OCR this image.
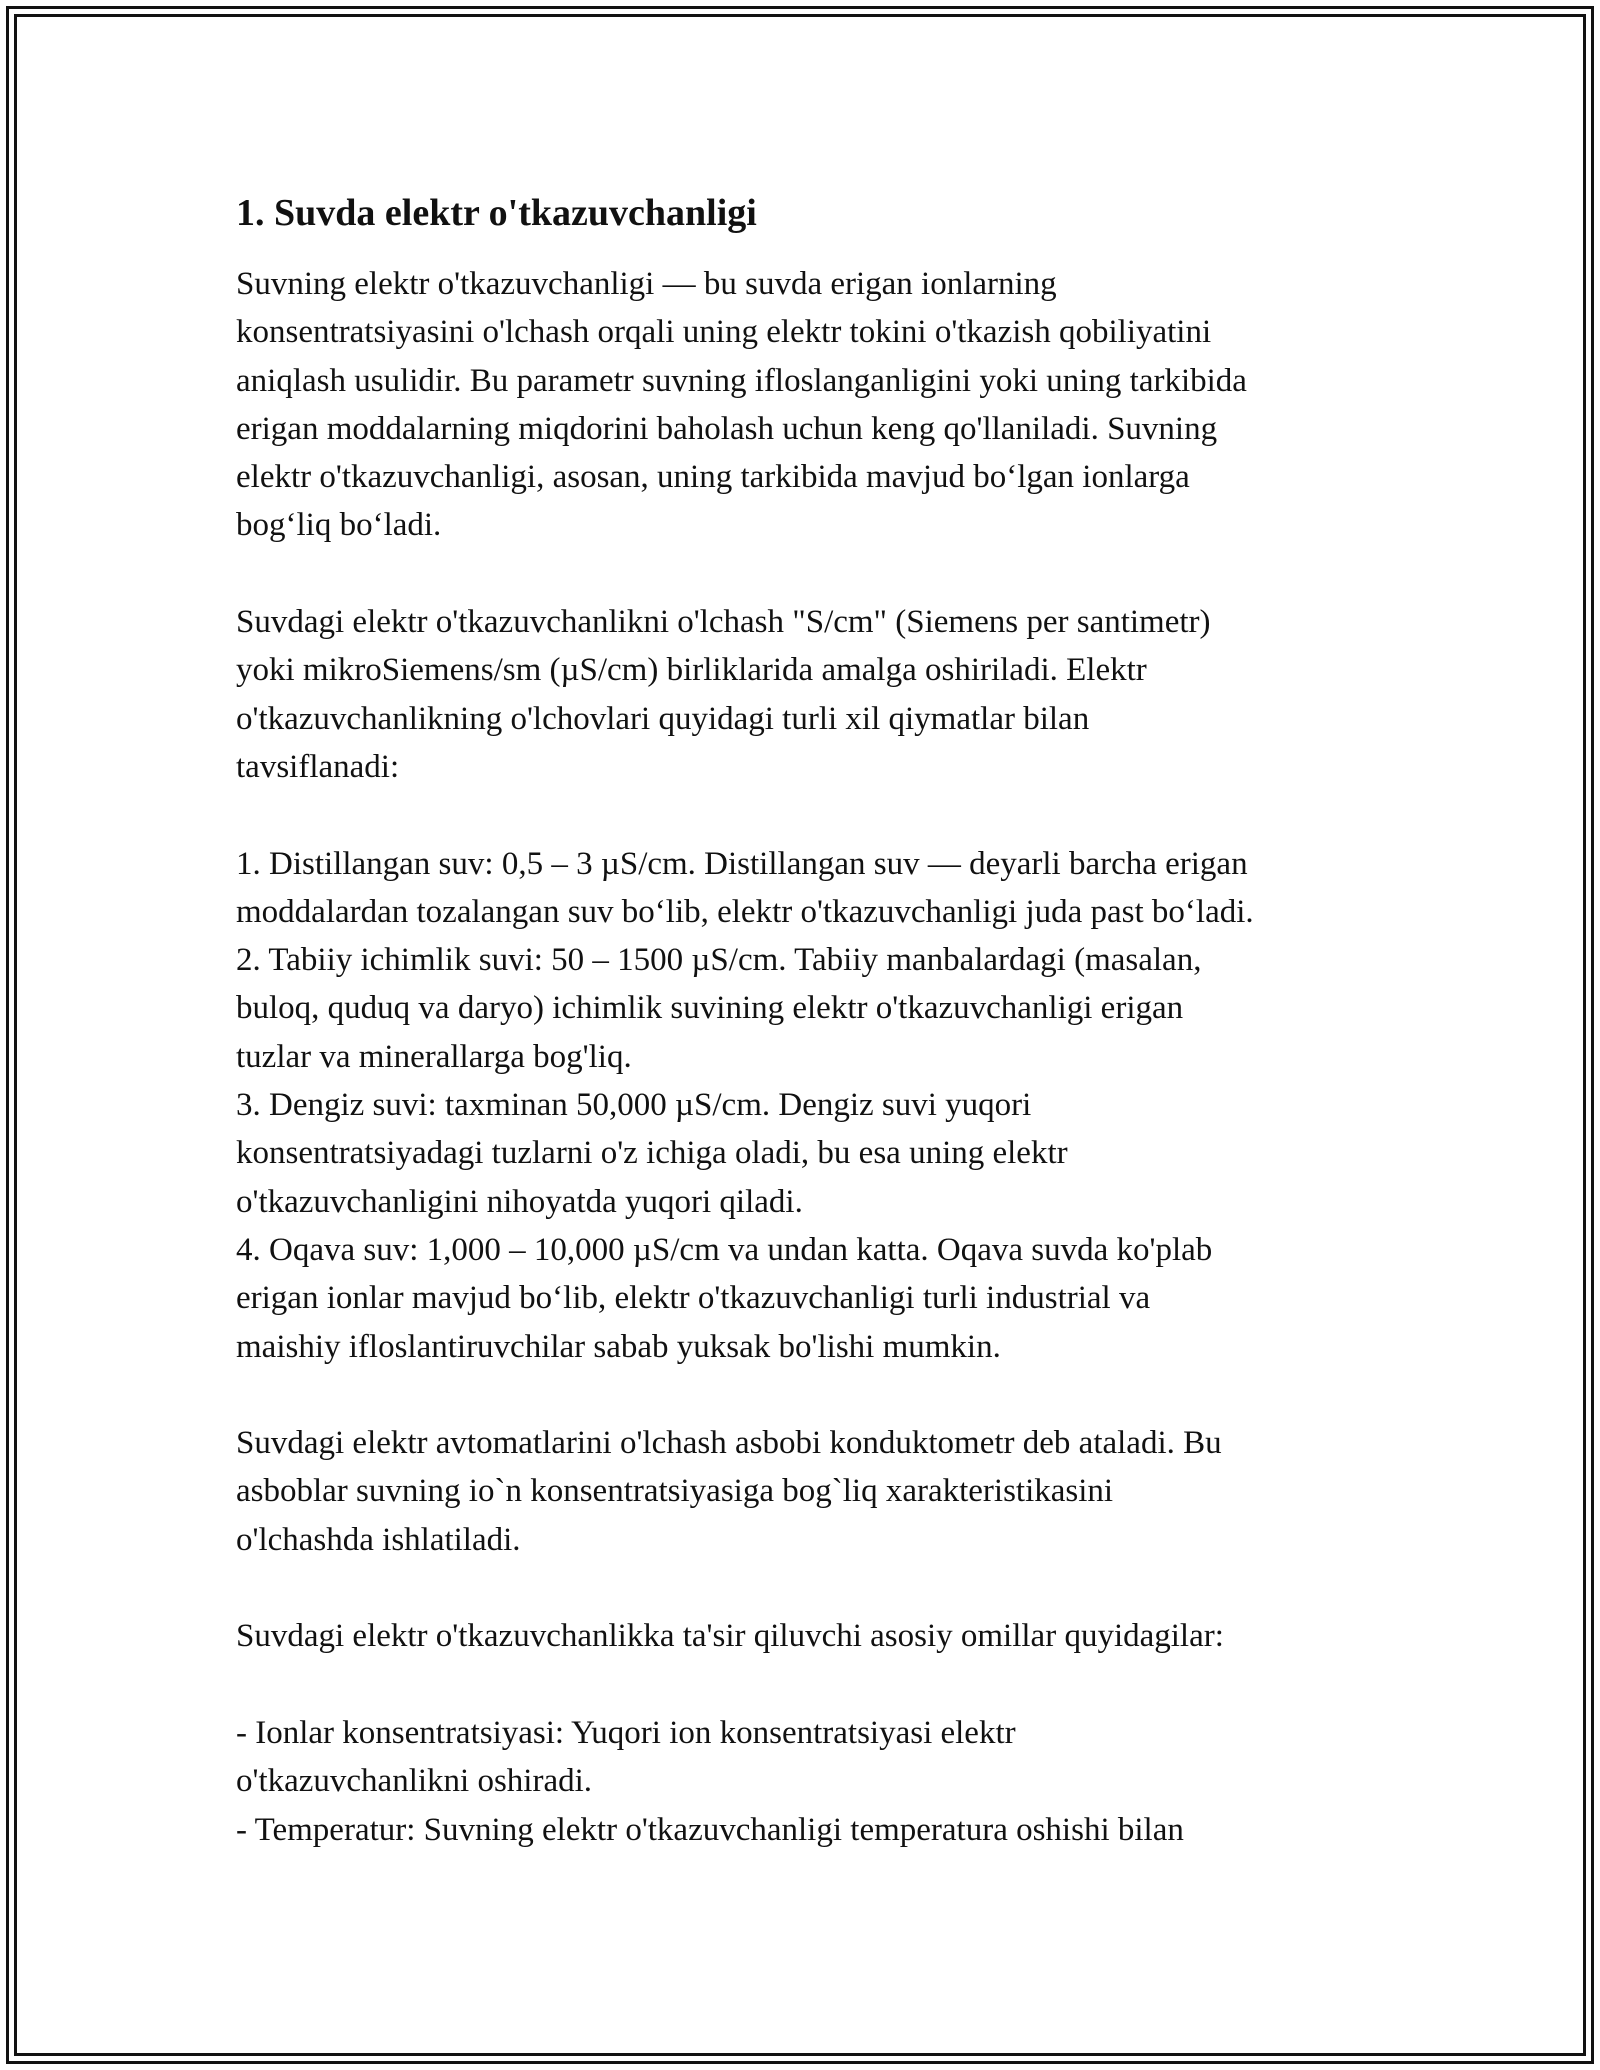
1. Suvda elektr o'tkazuvchanligi
Suvning elektr o'tkazuvchanligi — bu suvda erigan ionlarning
konsentratsiyasini o'lchash orqali uning elektr tokini o'tkazish qobiliyatini
aniqlash usulidir. Bu parametr suvning ifloslanganligini yoki uning tarkibida
erigan moddalarning miqdorini baholash uchun keng qo'llaniladi. Suvning
elektr o'tkazuvchanligi, asosan, uning tarkibida mavjud bo‘lgan ionlarga
bog‘liq bo‘ladi.
Suvdagi elektr o'tkazuvchanlikni o'lchash "S/cm" (Siemens per santimetr)
yoki mikroSiemens/sm (µS/cm) birliklarida amalga oshiriladi. Elektr
o'tkazuvchanlikning o'lchovlari quyidagi turli xil qiymatlar bilan
tavsiflanadi:
1. Distillangan suv: 0,5 – 3 µS/cm. Distillangan suv — deyarli barcha erigan
moddalardan tozalangan suv bo‘lib, elektr o'tkazuvchanligi juda past bo‘ladi.
2. Tabiiy ichimlik suvi: 50 – 1500 µS/cm. Tabiiy manbalardagi (masalan,
buloq, quduq va daryo) ichimlik suvining elektr o'tkazuvchanligi erigan
tuzlar va minerallarga bog'liq.
3. Dengiz suvi: taxminan 50,000 µS/cm. Dengiz suvi yuqori
konsentratsiyadagi tuzlarni o'z ichiga oladi, bu esa uning elektr
o'tkazuvchanligini nihoyatda yuqori qiladi.
4. Oqava suv: 1,000 – 10,000 µS/cm va undan katta. Oqava suvda ko'plab
erigan ionlar mavjud bo‘lib, elektr o'tkazuvchanligi turli industrial va
maishiy ifloslantiruvchilar sabab yuksak bo'lishi mumkin.
Suvdagi elektr avtomatlarini o'lchash asbobi konduktometr deb ataladi. Bu
asboblar suvning io`n konsentratsiyasiga bog`liq xarakteristikasini
o'lchashda ishlatiladi.
Suvdagi elektr o'tkazuvchanlikka ta'sir qiluvchi asosiy omillar quyidagilar:
- Ionlar konsentratsiyasi: Yuqori ion konsentratsiyasi elektr
o'tkazuvchanlikni oshiradi.
- Temperatur: Suvning elektr o'tkazuvchanligi temperatura oshishi bilan
